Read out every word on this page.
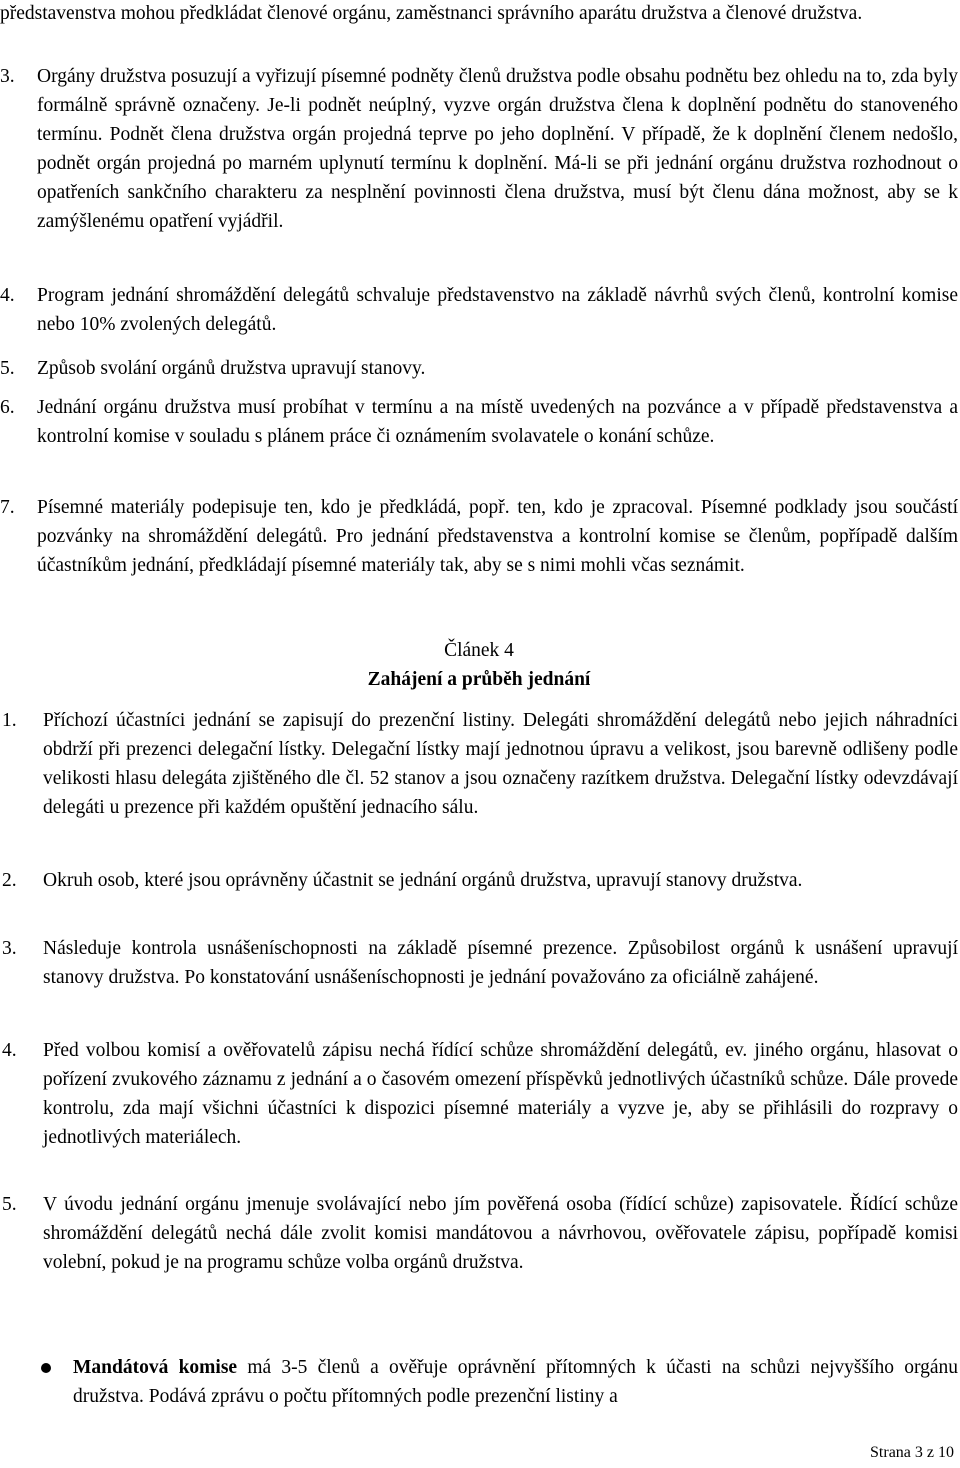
představenstva mohou předkládat členové orgánu, zaměstnanci správního aparátu družstva a členové družstva.
3. Orgány družstva posuzují a vyřizují písemné podněty členů družstva podle obsahu podnětu bez ohledu na to, zda byly formálně správně označeny. Je-li podnět neúplný, vyzve orgán družstva člena k doplnění podnětu do stanoveného termínu. Podnět člena družstva orgán projedná teprve po jeho doplnění. V případě, že k doplnění členem nedošlo, podnět orgán projedná po marném uplynutí termínu k doplnění. Má-li se při jednání orgánu družstva rozhodnout o opatřeních sankčního charakteru za nesplnění povinnosti člena družstva, musí být členu dána možnost, aby se k zamýšlenému opatření vyjádřil.
4. Program jednání shromáždění delegátů schvaluje představenstvo na základě návrhů svých členů, kontrolní komise nebo 10% zvolených delegátů.
5. Způsob svolání orgánů družstva upravují stanovy.
6. Jednání orgánu družstva musí probíhat v termínu a na místě uvedených na pozvánce a v případě představenstva a kontrolní komise v souladu s plánem práce či oznámením svolavatele o konání schůze.
7. Písemné materiály podepisuje ten, kdo je předkládá, popř. ten, kdo je zpracoval. Písemné podklady jsou součástí pozvánky na shromáždění delegátů. Pro jednání představenstva a kontrolní komise se členům, popřípadě dalším účastníkům jednání, předkládají písemné materiály tak, aby se s nimi mohli včas seznámit.
Článek 4
Zahájení a průběh jednání
1. Příchozí účastníci jednání se zapisují do prezenční listiny. Delegáti shromáždění delegátů nebo jejich náhradníci obdrží při prezenci delegační lístky. Delegační lístky mají jednotnou úpravu a velikost, jsou barevně odlišeny podle velikosti hlasu delegáta zjištěného dle čl. 52 stanov a jsou označeny razítkem družstva. Delegační lístky odevzdávají delegáti u prezence při každém opuštění jednacího sálu.
2. Okruh osob, které jsou oprávněny účastnit se jednání orgánů družstva, upravují stanovy družstva.
3. Následuje kontrola usnášeníschopnosti na základě písemné prezence. Způsobilost orgánů k usnášení upravují stanovy družstva. Po konstatování usnášeníschopnosti je jednání považováno za oficiálně zahájené.
4. Před volbou komisí a ověřovatelů zápisu nechá řídící schůze shromáždění delegátů, ev. jiného orgánu, hlasovat o pořízení zvukového záznamu z jednání a o časovém omezení příspěvků jednotlivých účastníků schůze. Dále provede kontrolu, zda mají všichni účastníci k dispozici písemné materiály a vyzve je, aby se přihlásili do rozpravy o jednotlivých materiálech.
5. V úvodu jednání orgánu jmenuje svolávající nebo jím pověřená osoba (řídící schůze) zapisovatele. Řídící schůze shromáždění delegátů nechá dále zvolit komisi mandátovou a návrhovou, ověřovatele zápisu, popřípadě komisi volební, pokud je na programu schůze volba orgánů družstva.
Mandátová komise má 3-5 členů a ověřuje oprávnění přítomných k účasti na schůzi nejvyššího orgánu družstva. Podává zprávu o počtu přítomných podle prezenční listiny a
Strana 3 z 10
